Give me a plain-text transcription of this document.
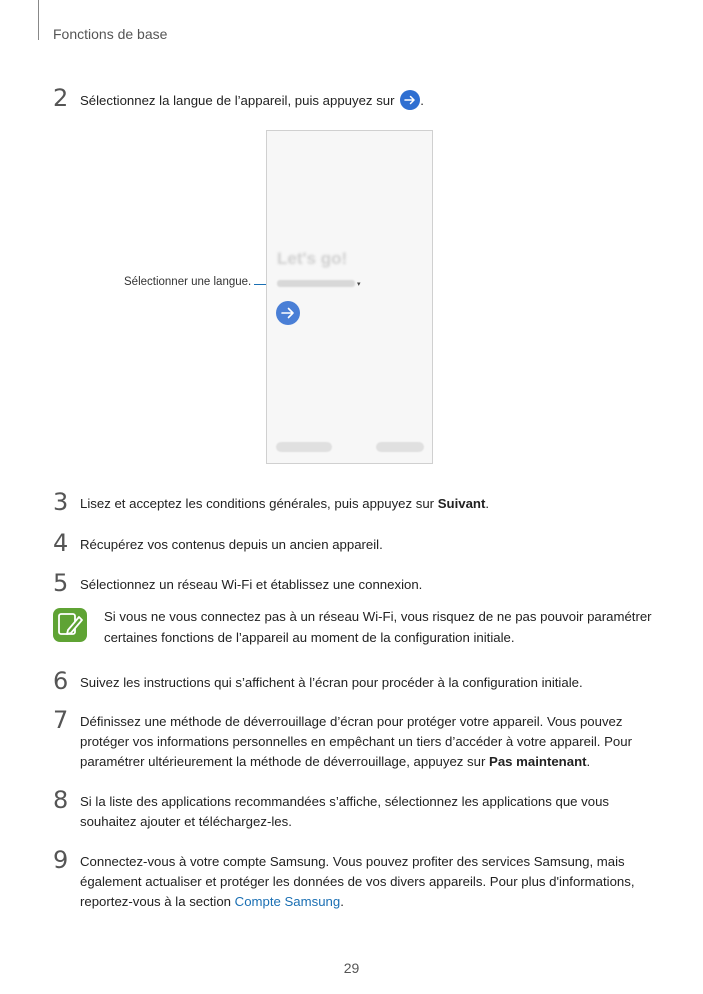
Fonctions de base
2 Sélectionnez la langue de l’appareil, puis appuyez sur
.
Sélectionner une langue.
Let's go!
▾
3 Lisez et acceptez les conditions générales, puis appuyez sur Suivant.
4 Récupérez vos contenus depuis un ancien appareil.
5 Sélectionnez un réseau Wi-Fi et établissez une connexion.
Si vous ne vous connectez pas à un réseau Wi-Fi, vous risquez de ne pas pouvoir paramétrer certaines fonctions de l’appareil au moment de la configuration initiale.
6 Suivez les instructions qui s’affichent à l’écran pour procéder à la configuration initiale.
7 Définissez une méthode de déverrouillage d’écran pour protéger votre appareil. Vous pouvez protéger vos informations personnelles en empêchant un tiers d’accéder à votre appareil. Pour paramétrer ultérieurement la méthode de déverrouillage, appuyez sur Pas maintenant.
8 Si la liste des applications recommandées s’affiche, sélectionnez les applications que vous souhaitez ajouter et téléchargez-les.
9 Connectez-vous à votre compte Samsung. Vous pouvez profiter des services Samsung, mais également actualiser et protéger les données de vos divers appareils. Pour plus d'informations, reportez-vous à la section Compte Samsung.
29
